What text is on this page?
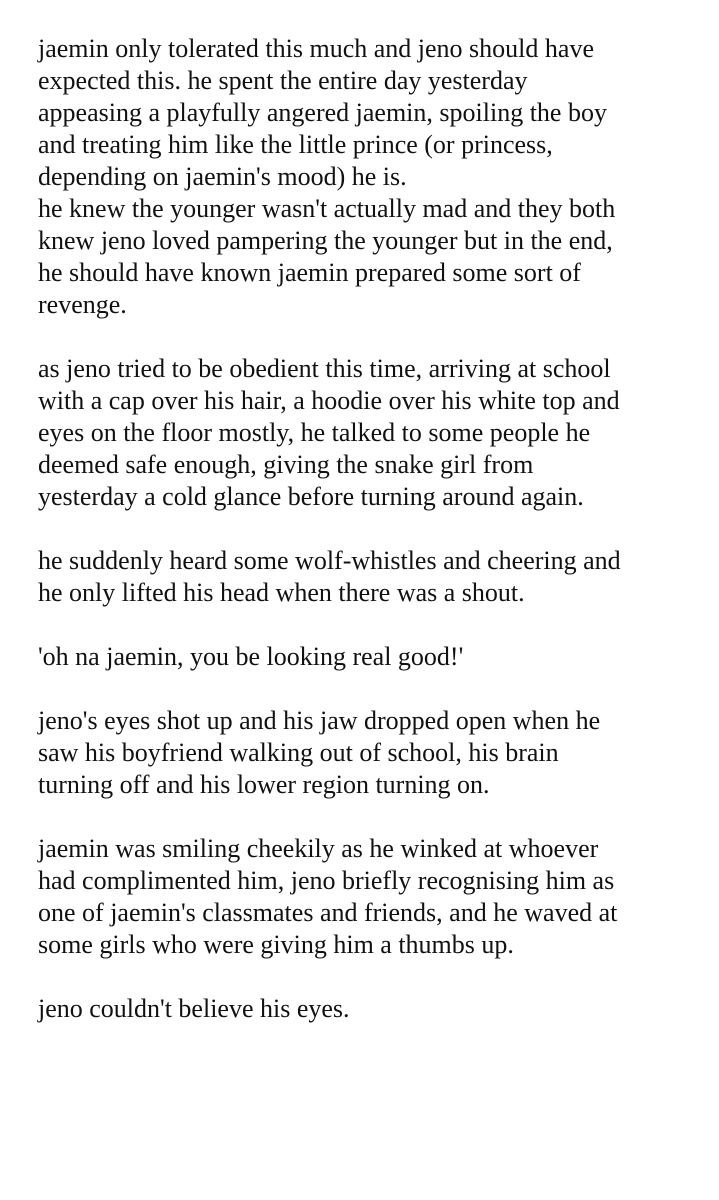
jaemin only tolerated this much and jeno should have

expected this. he spent the entire day yesterday

appeasing a playfully angered jaemin, spoiling the boy

and treating him like the little prince (or princess,

depending on jaemin's mood) he is.

he knew the younger wasn't actually mad and they both

knew jeno loved pampering the younger but in the end,

he should have known jaemin prepared some sort of

revenge.

as jeno tried to be obedient this time, arriving at school

with a cap over his hair, a hoodie over his white top and

eyes on the floor mostly, he talked to some people he

deemed safe enough, giving the snake girl from

yesterday a cold glance before turning around again.

he suddenly heard some wolf-whistles and cheering and

he only lifted his head when there was a shout.

'oh na jaemin, you be looking real good!'

jeno's eyes shot up and his jaw dropped open when he

saw his boyfriend walking out of school, his brain

turning off and his lower region turning on.

jaemin was smiling cheekily as he winked at whoever

had complimented him, jeno briefly recognising him as

one of jaemin's classmates and friends, and he waved at

some girls who were giving him a thumbs up.

jeno couldn't believe his eyes.
